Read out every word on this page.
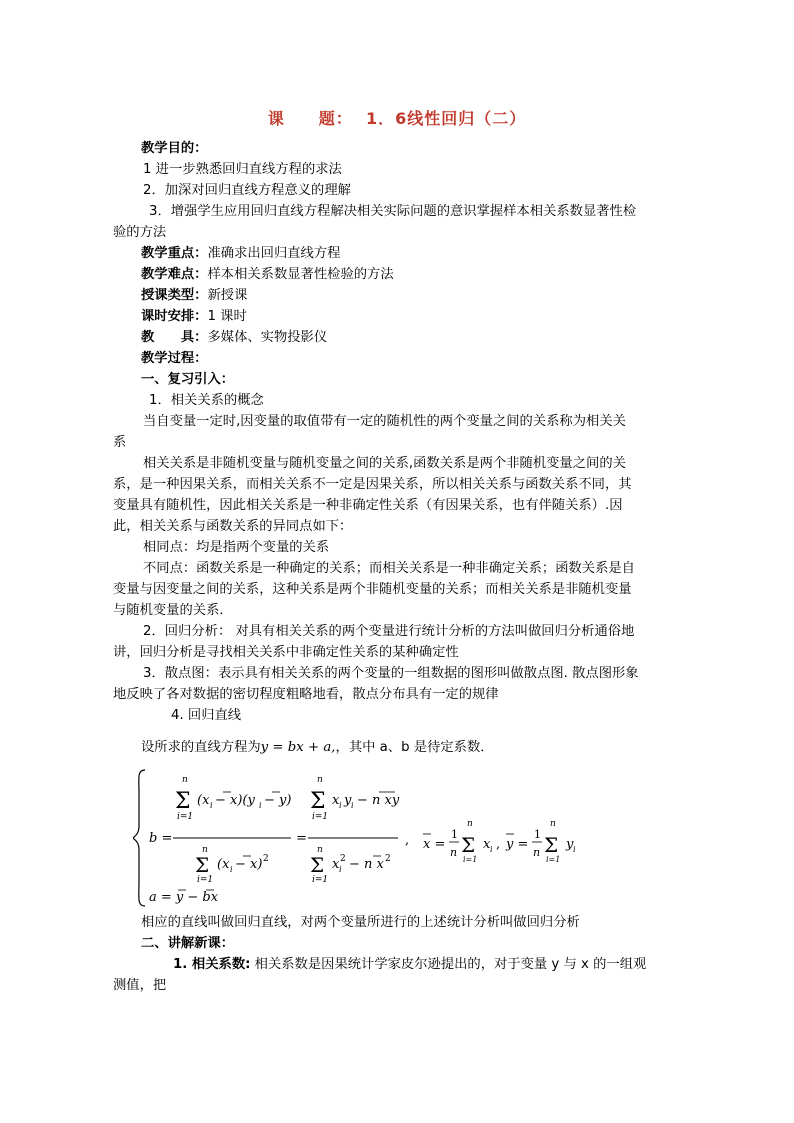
课　　题： 1．6线性回归（二）

教学目的：

1 进一步熟悉回归直线方程的求法

2．加深对回归直线方程意义的理解

3．增强学生应用回归直线方程解决相关实际问题的意识掌握样本相关系数显著性检

验的方法

教学重点：准确求出回归直线方程

教学难点：样本相关系数显著性检验的方法

授课类型：新授课

课时安排：1 课时

教　　具：多媒体、实物投影仪

教学过程：

一、复习引入：

1．相关关系的概念

当自变量一定时,因变量的取值带有一定的随机性的两个变量之间的关系称为相关关

系

相关关系是非随机变量与随机变量之间的关系,函数关系是两个非随机变量之间的关

系，是一种因果关系，而相关关系不一定是因果关系，所以相关关系与函数关系不同，其

变量具有随机性，因此相关关系是一种非确定性关系（有因果关系，也有伴随关系）.因

此，相关关系与函数关系的异同点如下：

相同点：均是指两个变量的关系

不同点：函数关系是一种确定的关系；而相关关系是一种非确定关系；函数关系是自

变量与因变量之间的关系，这种关系是两个非随机变量的关系；而相关关系是非随机变量

与随机变量的关系．

2．回归分析： 对具有相关关系的两个变量进行统计分析的方法叫做回归分析通俗地

讲，回归分析是寻找相关关系中非确定性关系的某种确定性

3．散点图：表示具有相关关系的两个变量的一组数据的图形叫做散点图. 散点图形象

地反映了各对数据的密切程度粗略地看，散点分布具有一定的规律

4. 回归直线

设所求的直线方程为y = bx + a,，其中 a、b 是待定系数．

b =
n
Σ
i=1
(x i − x)(y i − y)
n
Σ
i=1
(x i − x) 2
=
n
Σ
i=1
x i y i − n xy
n
Σ
i=1
x i
2 − n x 2
, x =
1
n
n
Σ
i=1
x i , y =
1
n
n
Σ
i=1
y i
a = y − bx

相应的直线叫做回归直线，对两个变量所进行的上述统计分析叫做回归分析

二、讲解新课：

1. 相关系数: 相关系数是因果统计学家皮尔逊提出的，对于变量 y 与 x 的一组观

测值，把
